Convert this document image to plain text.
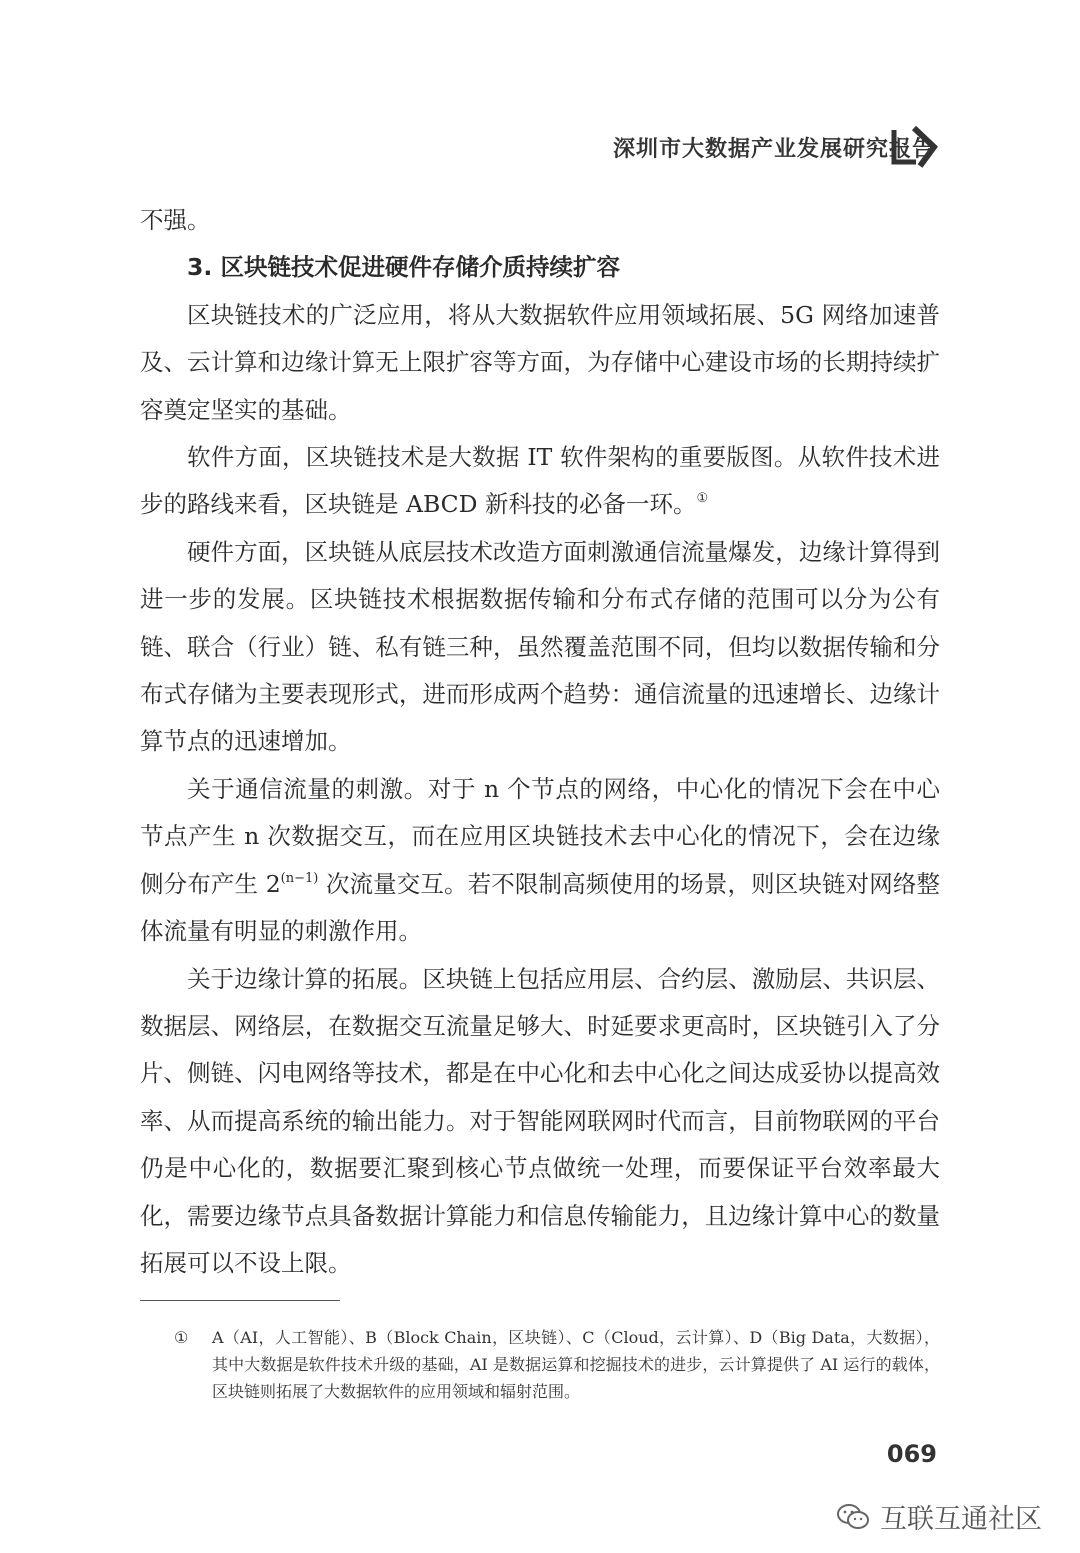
深圳市大数据产业发展研究报告

不强。

3. 区块链技术促进硬件存储介质持续扩容

区块链技术的广泛应用，将从大数据软件应用领域拓展、5G 网络加速普及、云计算和边缘计算无上限扩容等方面，为存储中心建设市场的长期持续扩容奠定坚实的基础。

软件方面，区块链技术是大数据 IT 软件架构的重要版图。从软件技术进步的路线来看，区块链是 ABCD 新科技的必备一环。①

硬件方面，区块链从底层技术改造方面刺激通信流量爆发，边缘计算得到进一步的发展。区块链技术根据数据传输和分布式存储的范围可以分为公有链、联合（行业）链、私有链三种，虽然覆盖范围不同，但均以数据传输和分布式存储为主要表现形式，进而形成两个趋势：通信流量的迅速增长、边缘计算节点的迅速增加。

关于通信流量的刺激。对于 n 个节点的网络，中心化的情况下会在中心节点产生 n 次数据交互，而在应用区块链技术去中心化的情况下，会在边缘侧分布产生 $2^{(n-1)}$ 次流量交互。若不限制高频使用的场景，则区块链对网络整体流量有明显的刺激作用。

关于边缘计算的拓展。区块链上包括应用层、合约层、激励层、共识层、数据层、网络层，在数据交互流量足够大、时延要求更高时，区块链引入了分片、侧链、闪电网络等技术，都是在中心化和去中心化之间达成妥协以提高效率、从而提高系统的输出能力。对于智能网联网时代而言，目前物联网的平台仍是中心化的，数据要汇聚到核心节点做统一处理，而要保证平台效率最大化，需要边缘节点具备数据计算能力和信息传输能力，且边缘计算中心的数量拓展可以不设上限。

①	A（AI，人工智能）、B（Block Chain，区块链）、C（Cloud，云计算）、D（Big Data，大数据），其中大数据是软件技术升级的基础，AI 是数据运算和挖掘技术的进步，云计算提供了 AI 运行的载体，区块链则拓展了大数据软件的应用领域和辐射范围。
069
互联互通社区
